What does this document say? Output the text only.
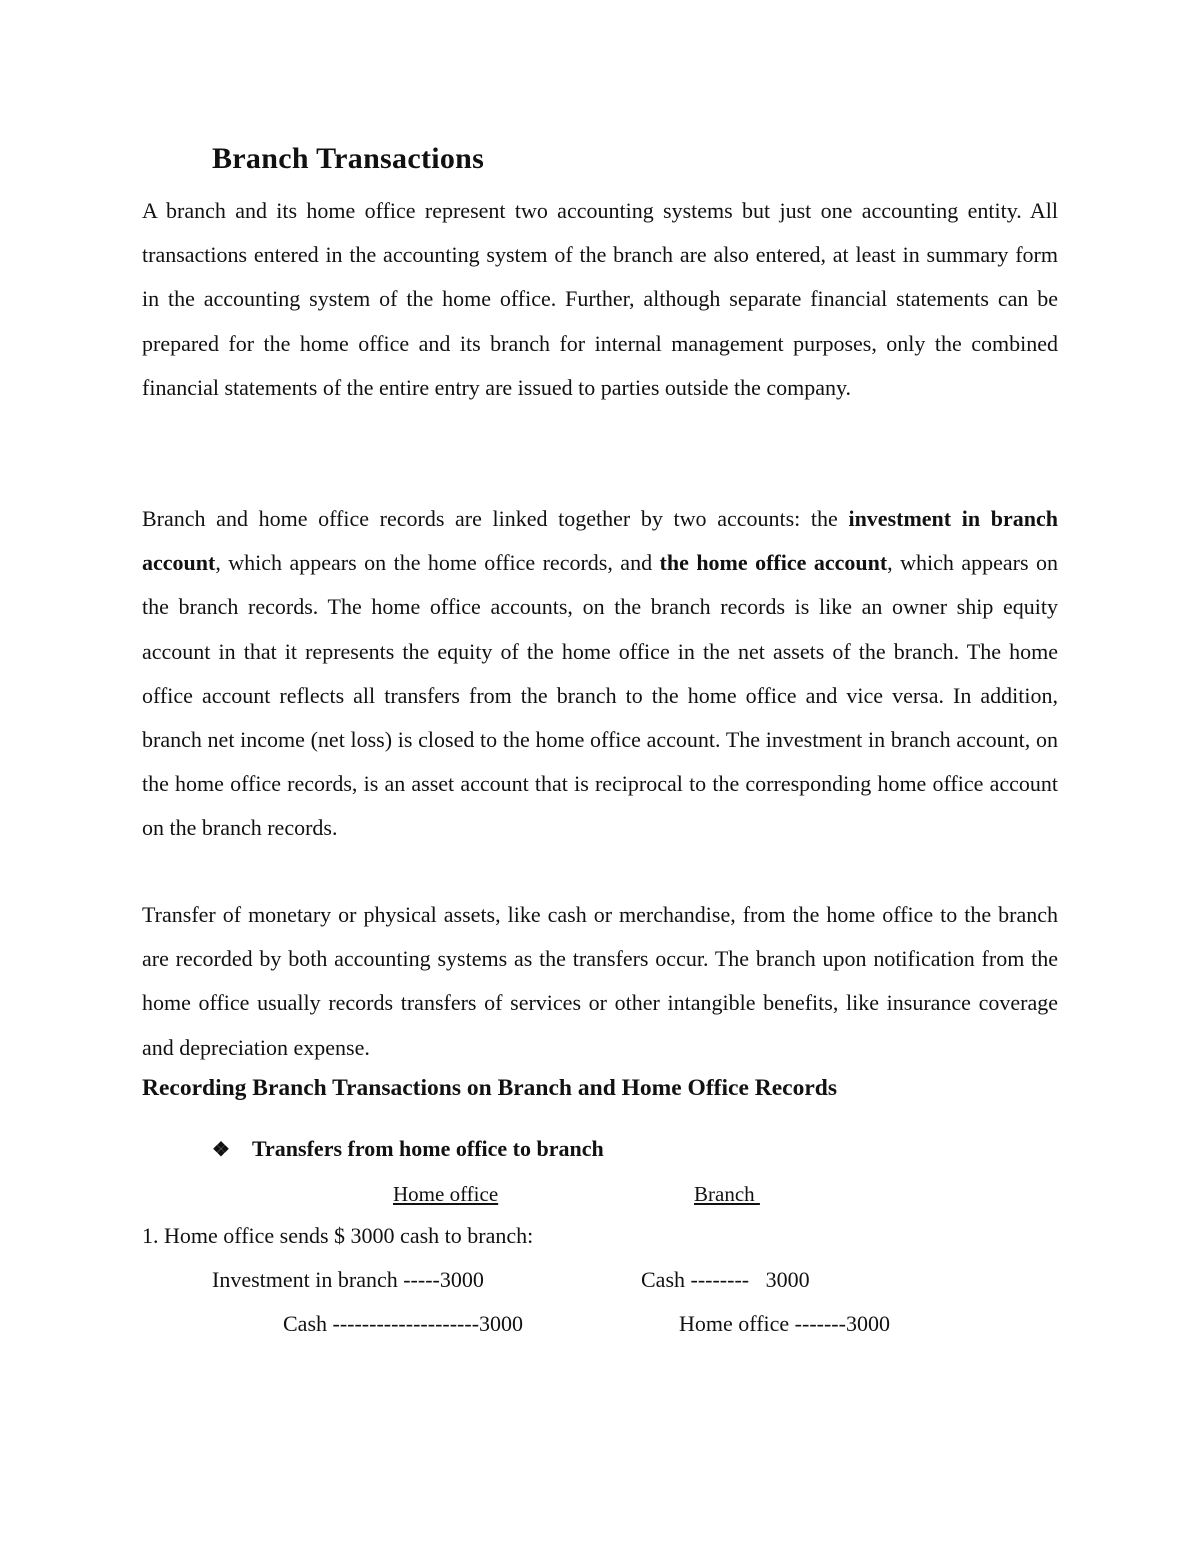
Branch Transactions

A branch and its home office represent two accounting systems but just one accounting entity. All transactions entered in the accounting system of the branch are also entered, at least in summary form in the accounting system of the home office. Further, although separate financial statements can be prepared for the home office and its branch for internal management purposes, only the combined financial statements of the entire entry are issued to parties outside the company.

Branch and home office records are linked together by two accounts: the investment in branch account, which appears on the home office records, and the home office account, which appears on the branch records. The home office accounts, on the branch records is like an owner ship equity account in that it represents the equity of the home office in the net assets of the branch. The home office account reflects all transfers from the branch to the home office and vice versa. In addition, branch net income (net loss) is closed to the home office account. The investment in branch account, on the home office records, is an asset account that is reciprocal to the corresponding home office account on the branch records.

Transfer of monetary or physical assets, like cash or merchandise, from the home office to the branch are recorded by both accounting systems as the transfers occur. The branch upon notification from the home office usually records transfers of services or other intangible benefits, like insurance coverage and depreciation expense.

Recording Branch Transactions on Branch and Home Office Records
❖ Transfers from home office to branch
Home office	Branch
1. Home office sends $ 3000 cash to branch:
Investment in branch -----3000	Cash --------   3000
Cash --------------------3000	Home office -------3000
